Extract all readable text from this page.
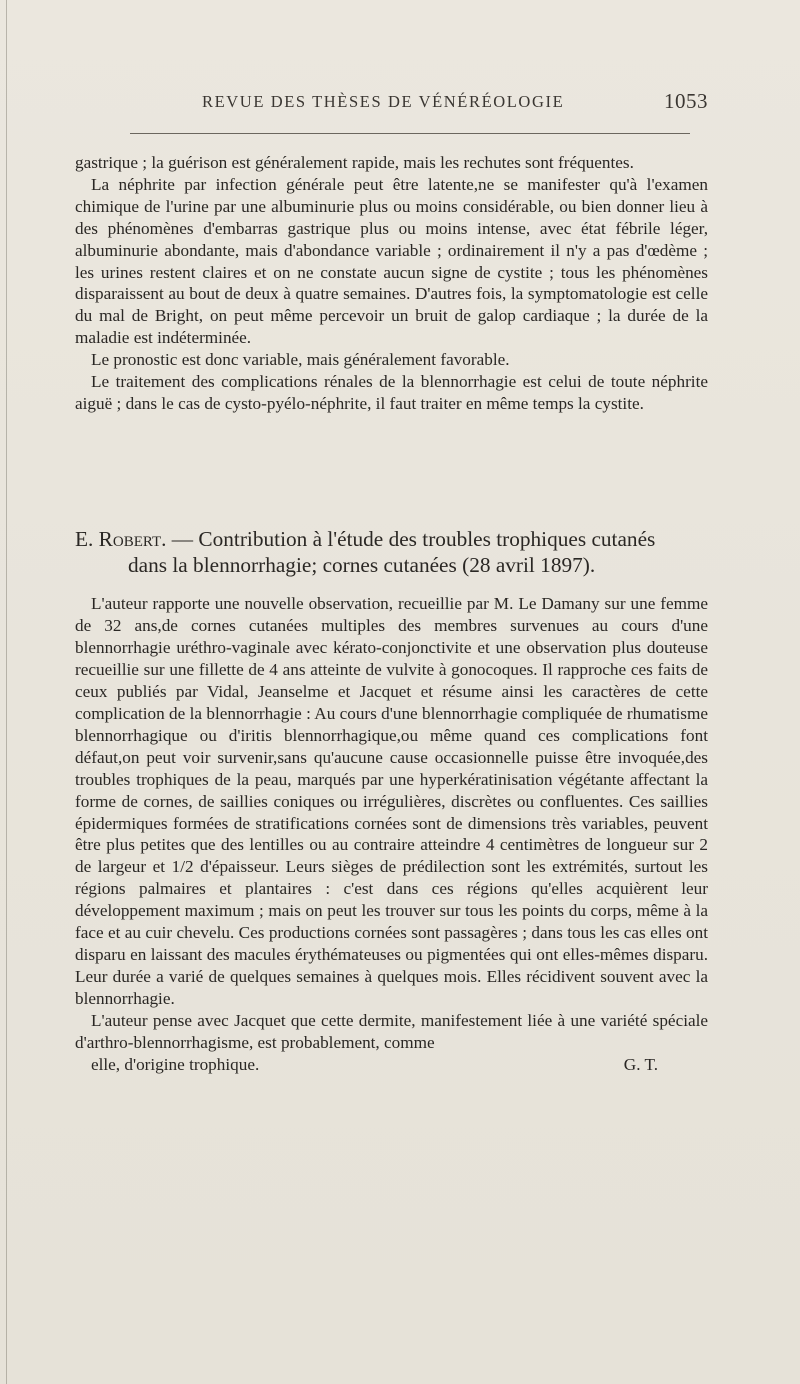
REVUE DES THÈSES DE VÉNÉRÉOLOGIE	1053

gastrique ; la guérison est généralement rapide, mais les rechutes sont fréquentes.

La néphrite par infection générale peut être latente,ne se manifester qu'à l'examen chimique de l'urine par une albuminurie plus ou moins considérable, ou bien donner lieu à des phénomènes d'embarras gastrique plus ou moins intense, avec état fébrile léger, albuminurie abondante, mais d'abondance variable ; ordinairement il n'y a pas d'œdème ; les urines restent claires et on ne constate aucun signe de cystite ; tous les phénomènes disparaissent au bout de deux à quatre semaines. D'autres fois, la symptomatologie est celle du mal de Bright, on peut même percevoir un bruit de galop cardiaque ; la durée de la maladie est indéterminée.

Le pronostic est donc variable, mais généralement favorable.

Le traitement des complications rénales de la blennorrhagie est celui de toute néphrite aiguë ; dans le cas de cysto-pyélo-néphrite, il faut traiter en même temps la cystite.

E. Robert. — Contribution à l'étude des troubles trophiques cutanés
dans la blennorrhagie; cornes cutanées (28 avril 1897).

L'auteur rapporte une nouvelle observation, recueillie par M. Le Damany sur une femme de 32 ans,de cornes cutanées multiples des membres survenues au cours d'une blennorrhagie uréthro-vaginale avec kérato-conjonctivite et une observation plus douteuse recueillie sur une fillette de 4 ans atteinte de vulvite à gonocoques. Il rapproche ces faits de ceux publiés par Vidal, Jeanselme et Jacquet et résume ainsi les caractères de cette complication de la blennorrhagie : Au cours d'une blennorrhagie compliquée de rhumatisme blennorrhagique ou d'iritis blennorrhagique,ou même quand ces complications font défaut,on peut voir survenir,sans qu'aucune cause occasionnelle puisse être invoquée,des troubles trophiques de la peau, marqués par une hyperkératinisation végétante affectant la forme de cornes, de saillies coniques ou irrégulières, discrètes ou confluentes. Ces saillies épidermiques formées de stratifications cornées sont de dimensions très variables, peuvent être plus petites que des lentilles ou au contraire atteindre 4 centimètres de longueur sur 2 de largeur et 1/2 d'épaisseur. Leurs sièges de prédilection sont les extrémités, surtout les régions palmaires et plantaires : c'est dans ces régions qu'elles acquièrent leur développement maximum ; mais on peut les trouver sur tous les points du corps, même à la face et au cuir chevelu. Ces productions cornées sont passagères ; dans tous les cas elles ont disparu en laissant des macules érythémateuses ou pigmentées qui ont elles-mêmes disparu. Leur durée a varié de quelques semaines à quelques mois. Elles récidivent souvent avec la blennorrhagie.

L'auteur pense avec Jacquet que cette dermite, manifestement liée à une variété spéciale d'arthro-blennorrhagisme, est probablement, comme
elle, d'origine trophique.	G. T.
